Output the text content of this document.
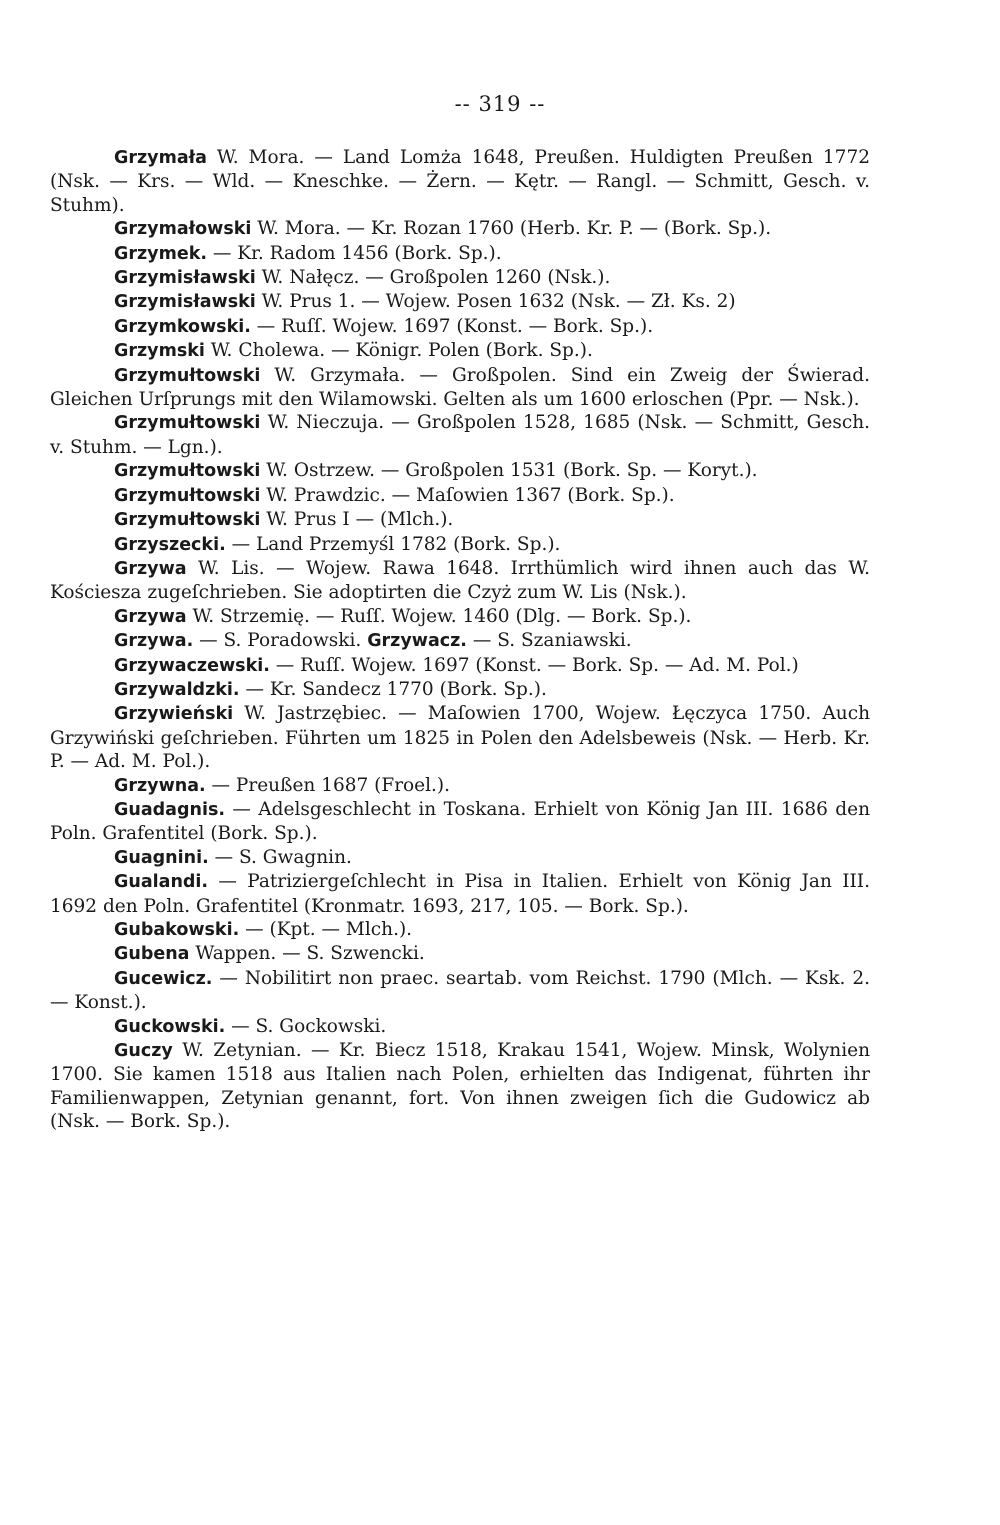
-- 319 --

Grzymała W. Mora. — Land Lomża 1648, Preußen. Huldigten Preußen 1772 (Nsk. — Krs. — Wld. — Kneschke. — Żern. — Kętr. — Rangl. — Schmitt, Gesch. v. Stuhm).

Grzymałowski W. Mora. — Kr. Rozan 1760 (Herb. Kr. P. — (Bork. Sp.).

Grzymek. — Kr. Radom 1456 (Bork. Sp.).

Grzymisławski W. Nałęcz. — Großpolen 1260 (Nsk.).

Grzymisławski W. Prus 1. — Wojew. Posen 1632 (Nsk. — Zł. Ks. 2)

Grzymkowski. — Ruſſ. Wojew. 1697 (Konst. — Bork. Sp.).

Grzymski W. Cholewa. — Königr. Polen (Bork. Sp.).

Grzymułtowski W. Grzymała. — Großpolen. Sind ein Zweig der Świerad. Gleichen Urſprungs mit den Wilamowski. Gelten als um 1600 erloschen (Ppr. — Nsk.).

Grzymułtowski W. Nieczuja. — Großpolen 1528, 1685 (Nsk. — Schmitt, Gesch. v. Stuhm. — Lgn.).

Grzymułtowski W. Ostrzew. — Großpolen 1531 (Bork. Sp. — Koryt.).

Grzymułtowski W. Prawdzic. — Maſowien 1367 (Bork. Sp.).

Grzymułtowski W. Prus I — (Mlch.).

Grzyszecki. — Land Przemyśl 1782 (Bork. Sp.).

Grzywa W. Lis. — Wojew. Rawa 1648. Irrthümlich wird ihnen auch das W. Kościesza zugeſchrieben. Sie adoptirten die Czyż zum W. Lis (Nsk.).

Grzywa W. Strzemię. — Ruſſ. Wojew. 1460 (Dlg. — Bork. Sp.).

Grzywa. — S. Poradowski. Grzywacz. — S. Szaniawski.

Grzywaczewski. — Ruſſ. Wojew. 1697 (Konst. — Bork. Sp. — Ad. M. Pol.)

Grzywaldzki. — Kr. Sandecz 1770 (Bork. Sp.).

Grzywieński W. Jastrzębiec. — Maſowien 1700, Wojew. Łęczyca 1750. Auch Grzywiński geſchrieben. Führten um 1825 in Polen den Adelsbeweis (Nsk. — Herb. Kr. P. — Ad. M. Pol.).

Grzywna. — Preußen 1687 (Froel.).

Guadagnis. — Adelsgeschlecht in Toskana. Erhielt von König Jan III. 1686 den Poln. Grafentitel (Bork. Sp.).

Guagnini. — S. Gwagnin.

Gualandi. — Patriziergeſchlecht in Pisa in Italien. Erhielt von König Jan III. 1692 den Poln. Grafentitel (Kronmatr. 1693, 217, 105. — Bork. Sp.).

Gubakowski. — (Kpt. — Mlch.).

Gubena Wappen. — S. Szwencki.

Gucewicz. — Nobilitirt non praec. seartab. vom Reichst. 1790 (Mlch. — Ksk. 2. — Konst.).

Guckowski. — S. Gockowski.

Guczy W. Zetynian. — Kr. Biecz 1518, Krakau 1541, Wojew. Minsk, Wolynien 1700. Sie kamen 1518 aus Italien nach Polen, erhielten das Indigenat, führten ihr Familienwappen, Zetynian genannt, fort. Von ihnen zweigen ſich die Gudowicz ab (Nsk. — Bork. Sp.).
